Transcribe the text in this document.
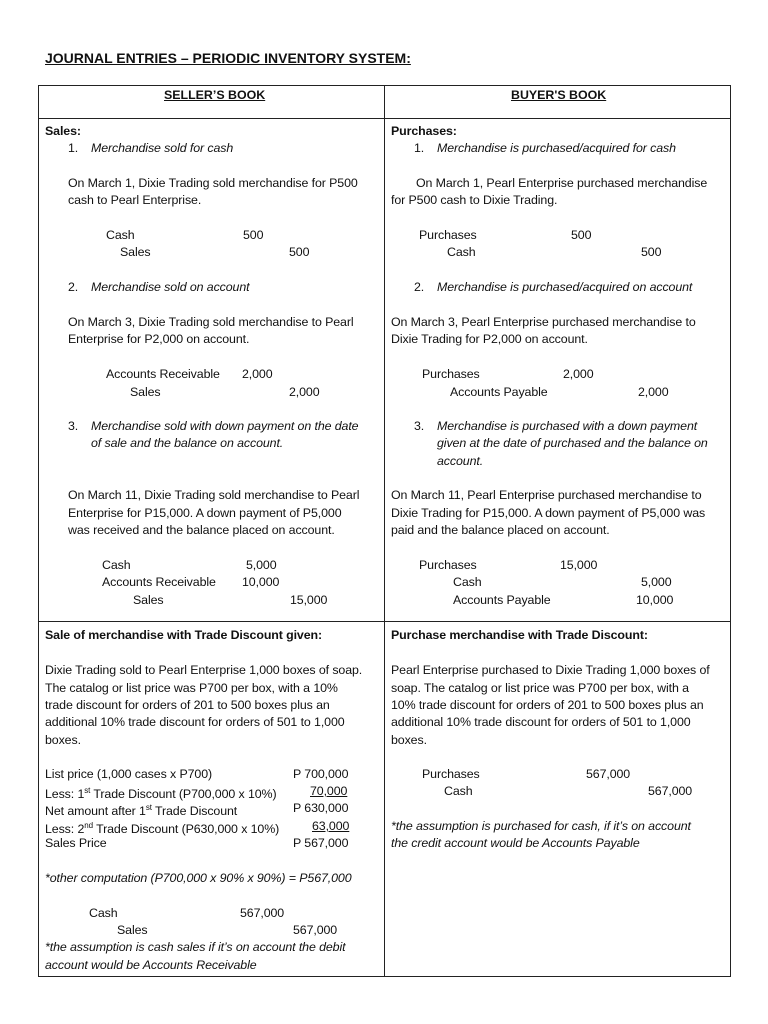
JOURNAL ENTRIES – PERIODIC INVENTORY SYSTEM:
SELLER’S BOOK	BUYER'S BOOK
Sales:
1. Merchandise sold for cash
On March 1, Dixie Trading sold merchandise for P500
cash to Pearl Enterprise.
Cash	500
Sales	500
2. Merchandise sold on account
On March 3, Dixie Trading sold merchandise to Pearl
Enterprise for P2,000 on account.
Accounts Receivable 2,000
Sales	2,000
3. Merchandise sold with down payment on the date
of sale and the balance on account.
On March 11, Dixie Trading sold merchandise to Pearl
Enterprise for P15,000. A down payment of P5,000
was received and the balance placed on account.
Cash	5,000
Accounts Receivable 10,000
Sales	15,000
Sale of merchandise with Trade Discount given:
Dixie Trading sold to Pearl Enterprise 1,000 boxes of soap.
The catalog or list price was P700 per box, with a 10%
trade discount for orders of 201 to 500 boxes plus an
additional 10% trade discount for orders of 501 to 1,000
boxes.
List price (1,000 cases x P700)	P 700,000
Less: 1st Trade Discount (P700,000 x 10%)	70,000
Net amount after 1st Trade Discount	P 630,000
Less: 2nd Trade Discount (P630,000 x 10%)	63,000
Sales Price	P 567,000
*other computation (P700,000 x 90% x 90%) = P567,000
Cash	567,000
Sales	567,000
*the assumption is cash sales if it’s on account the debit
account would be Accounts Receivable
Purchases:
1. Merchandise is purchased/acquired for cash
On March 1, Pearl Enterprise purchased merchandise
for P500 cash to Dixie Trading.
Purchases	500
Cash	500
2. Merchandise is purchased/acquired on account
On March 3, Pearl Enterprise purchased merchandise to
Dixie Trading for P2,000 on account.
Purchases	2,000
Accounts Payable	2,000
3. Merchandise is purchased with a down payment
given at the date of purchased and the balance on
account.
On March 11, Pearl Enterprise purchased merchandise to
Dixie Trading for P15,000. A down payment of P5,000 was
paid and the balance placed on account.
Purchases	15,000
Cash	5,000
Accounts Payable	10,000
Purchase merchandise with Trade Discount:
Pearl Enterprise purchased to Dixie Trading 1,000 boxes of
soap. The catalog or list price was P700 per box, with a
10% trade discount for orders of 201 to 500 boxes plus an
additional 10% trade discount for orders of 501 to 1,000
boxes.
Purchases	567,000
Cash	567,000
*the assumption is purchased for cash, if it’s on account
the credit account would be Accounts Payable
